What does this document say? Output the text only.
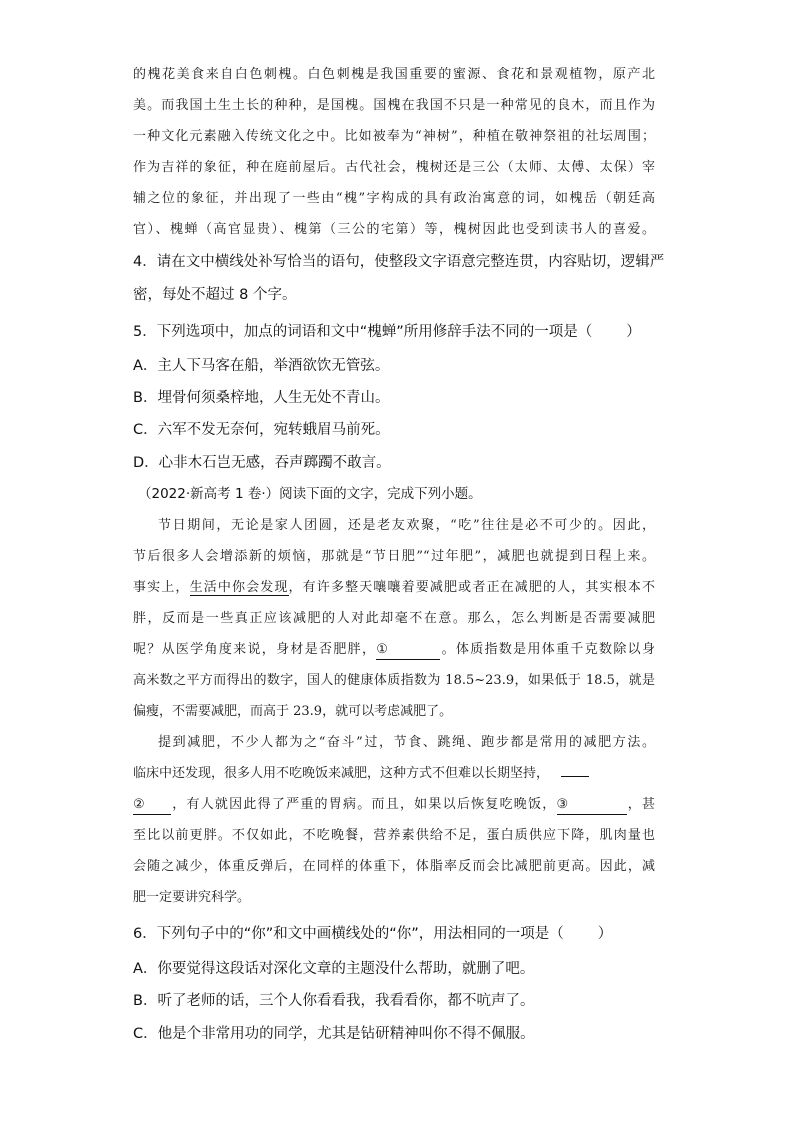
的槐花美食来自白色刺槐。白色刺槐是我国重要的蜜源、食花和景观植物，原产北

美。而我国土生土长的种种，是国槐。国槐在我国不只是一种常见的良木，而且作为

一种文化元素融入传统文化之中。比如被奉为“神树”，种植在敬神祭祖的社坛周围；

作为吉祥的象征，种在庭前屋后。古代社会，槐树还是三公（太师、太傅、太保）宰

辅之位的象征，并出现了一些由“槐”字构成的具有政治寓意的词，如槐岳（朝廷高

官）、槐蝉（高官显贵）、槐第（三公的宅第）等，槐树因此也受到读书人的喜爱。

4．请在文中横线处补写恰当的语句，使整段文字语意完整连贯，内容贴切，逻辑严

密，每处不超过 8 个字。

5．下列选项中，加点的词语和文中“槐蝉”所用修辞手法不同的一项是（ ）

A．主人下马客在船，举酒欲饮无管弦。

B．埋骨何须桑梓地，人生无处不青山。

C．六军不发无奈何，宛转蛾眉马前死。

D．心非木石岂无感，吞声踯躅不敢言。

（2022·新高考 1 卷·）阅读下面的文字，完成下列小题。

节日期间，无论是家人团圆，还是老友欢聚，“吃”往往是必不可少的。因此，

节后很多人会增添新的烦恼，那就是“节日肥”“过年肥”，减肥也就提到日程上来。

事实上，生活中你会发现，有许多整天嚷嚷着要减肥或者正在减肥的人，其实根本不

胖，反而是一些真正应该减肥的人对此却毫不在意。那么，怎么判断是否需要减肥

呢？从医学角度来说，身材是否肥胖，①	。体质指数是用体重千克数除以身

高米数之平方而得出的数字，国人的健康体质指数为 18.5~23.9，如果低于 18.5，就是

偏瘦，不需要减肥，而高于 23.9，就可以考虑减肥了。

提到减肥，不少人都为之“奋斗”过，节食、跳绳、跑步都是常用的减肥方法。

临床中还发现，很多人用不吃晚饭来减肥，这种方式不但难以长期坚持，

② ，有人就因此得了严重的胃病。而且，如果以后恢复吃晚饭，③	，甚

至比以前更胖。不仅如此，不吃晚餐，营养素供给不足，蛋白质供应下降，肌肉量也

会随之减少，体重反弹后，在同样的体重下，体脂率反而会比减肥前更高。因此，减

肥一定要讲究科学。

6．下列句子中的“你”和文中画横线处的“你”，用法相同的一项是（ ）

A．你要觉得这段话对深化文章的主题没什么帮助，就删了吧。

B．听了老师的话，三个人你看看我，我看看你，都不吭声了。

C．他是个非常用功的同学，尤其是钻研精神叫你不得不佩服。
